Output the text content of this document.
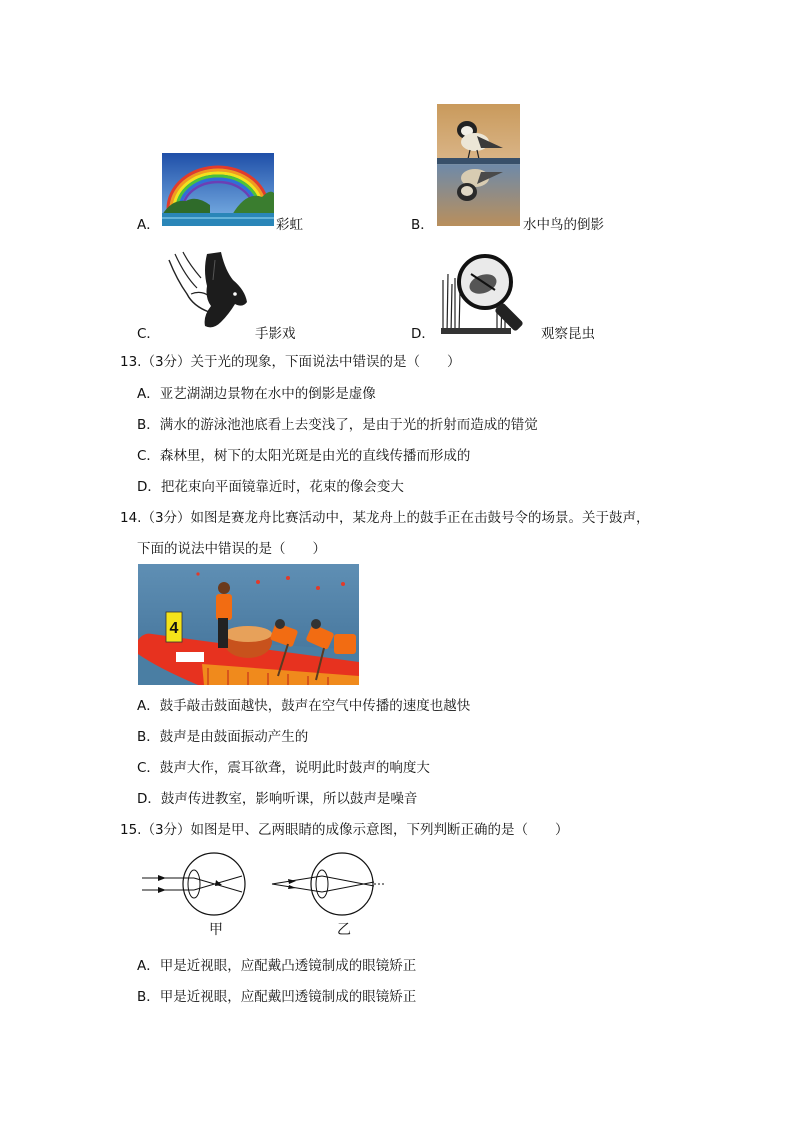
A．	彩虹	B．	水中鸟的倒影
C．	手影戏	D．	观察昆虫
13.（3分）关于光的现象，下面说法中错误的是（　　）
A．亚艺湖湖边景物在水中的倒影是虚像
B．满水的游泳池池底看上去变浅了，是由于光的折射而造成的错觉
C．森林里，树下的太阳光斑是由光的直线传播而形成的
D．把花束向平面镜靠近时，花束的像会变大
14.（3分）如图是赛龙舟比赛活动中，某龙舟上的鼓手正在击鼓号令的场景。关于鼓声，
下面的说法中错误的是（　　）
4
A．鼓手敲击鼓面越快，鼓声在空气中传播的速度也越快
B．鼓声是由鼓面振动产生的
C．鼓声大作，震耳欲聋，说明此时鼓声的响度大
D．鼓声传进教室，影响听课，所以鼓声是噪音
15.（3分）如图是甲、乙两眼睛的成像示意图，下列判断正确的是（　　）
甲	乙
A．甲是近视眼，应配戴凸透镜制成的眼镜矫正
B．甲是近视眼，应配戴凹透镜制成的眼镜矫正
